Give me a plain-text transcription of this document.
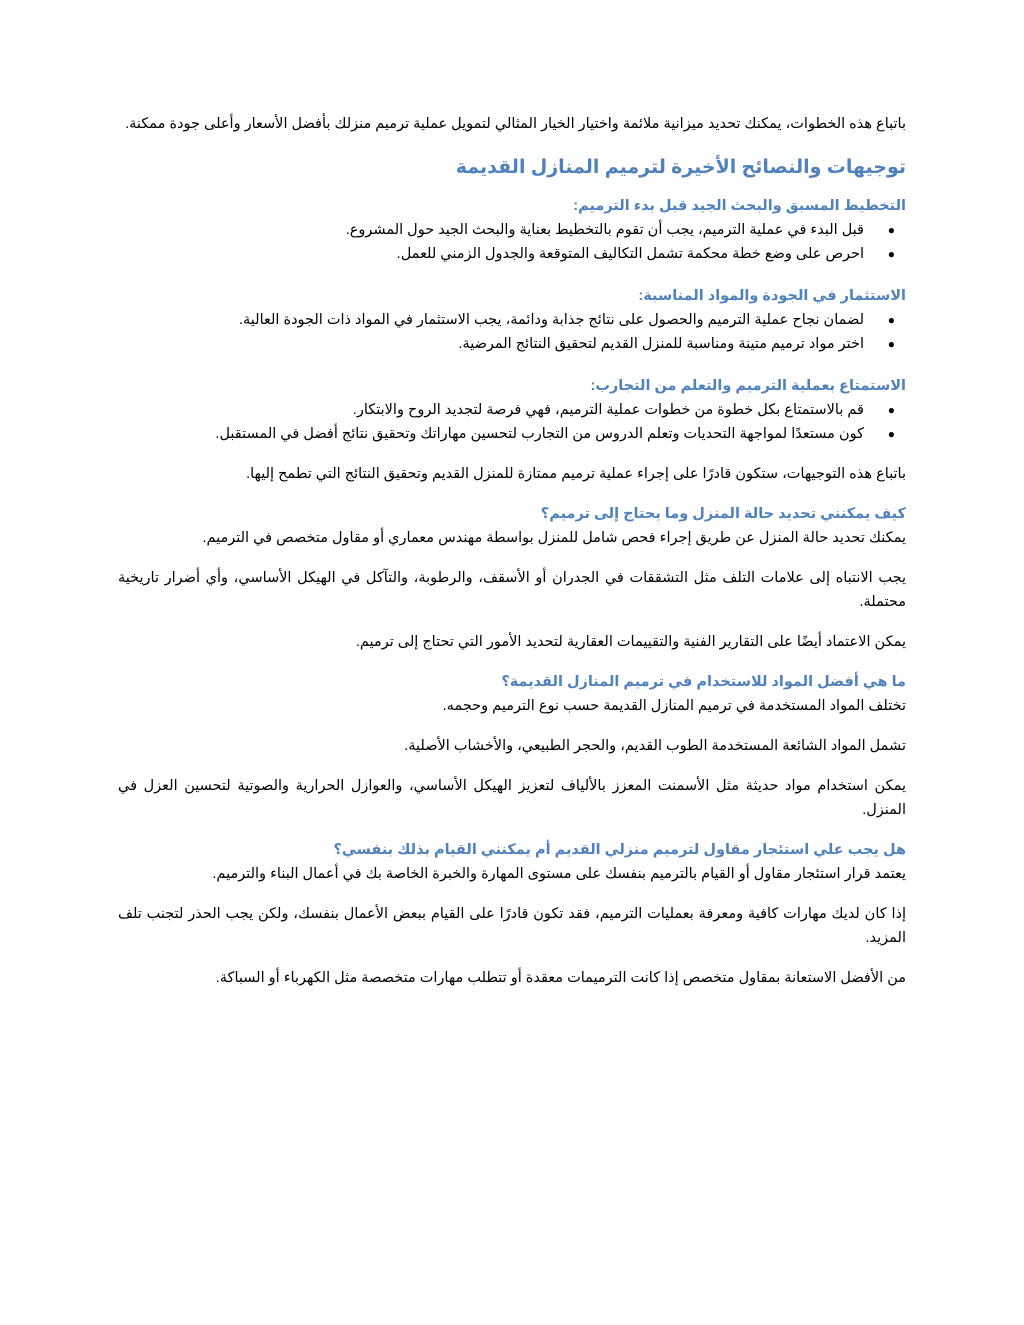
باتباع هذه الخطوات، يمكنك تحديد ميزانية ملائمة واختيار الخيار المثالي لتمويل عملية ترميم منزلك بأفضل الأسعار وأعلى جودة ممكنة.

توجيهات والنصائح الأخيرة لترميم المنازل القديمة
التخطيط المسبق والبحث الجيد قبل بدء الترميم:
●
قبل البدء في عملية الترميم، يجب أن تقوم بالتخطيط بعناية والبحث الجيد حول المشروع.
●
احرص على وضع خطة محكمة تشمل التكاليف المتوقعة والجدول الزمني للعمل.
الاستثمار في الجودة والمواد المناسبة:
●
لضمان نجاح عملية الترميم والحصول على نتائج جذابة ودائمة، يجب الاستثمار في المواد ذات الجودة العالية.
●
اختر مواد ترميم متينة ومناسبة للمنزل القديم لتحقيق النتائج المرضية.
الاستمتاع بعملية الترميم والتعلم من التجارب:
●
قم بالاستمتاع بكل خطوة من خطوات عملية الترميم، فهي فرصة لتجديد الروح والابتكار.
●
كون مستعدًا لمواجهة التحديات وتعلم الدروس من التجارب لتحسين مهاراتك وتحقيق نتائج أفضل في المستقبل.

باتباع هذه التوجيهات، ستكون قادرًا على إجراء عملية ترميم ممتازة للمنزل القديم وتحقيق النتائج التي تطمح إليها.

كيف يمكنني تحديد حالة المنزل وما يحتاج إلى ترميم؟

يمكنك تحديد حالة المنزل عن طريق إجراء فحص شامل للمنزل بواسطة مهندس معماري أو مقاول متخصص في الترميم.

يجب الانتباه إلى علامات التلف مثل التشققات في الجدران أو الأسقف، والرطوبة، والتآكل في الهيكل الأساسي، وأي أضرار تاريخية محتملة.

يمكن الاعتماد أيضًا على التقارير الفنية والتقييمات العقارية لتحديد الأمور التي تحتاج إلى ترميم.

ما هي أفضل المواد للاستخدام في ترميم المنازل القديمة؟

تختلف المواد المستخدمة في ترميم المنازل القديمة حسب نوع الترميم وحجمه.

تشمل المواد الشائعة المستخدمة الطوب القديم، والحجر الطبيعي، والأخشاب الأصلية.

يمكن استخدام مواد حديثة مثل الأسمنت المعزز بالألياف لتعزيز الهيكل الأساسي، والعوازل الحرارية والصوتية لتحسين العزل في المنزل.

هل يجب علي استئجار مقاول لترميم منزلي القديم أم يمكنني القيام بذلك بنفسي؟

يعتمد قرار استئجار مقاول أو القيام بالترميم بنفسك على مستوى المهارة والخبرة الخاصة بك في أعمال البناء والترميم.

إذا كان لديك مهارات كافية ومعرفة بعمليات الترميم، فقد تكون قادرًا على القيام ببعض الأعمال بنفسك، ولكن يجب الحذر لتجنب تلف المزيد.

من الأفضل الاستعانة بمقاول متخصص إذا كانت الترميمات معقدة أو تتطلب مهارات متخصصة مثل الكهرباء أو السباكة.
